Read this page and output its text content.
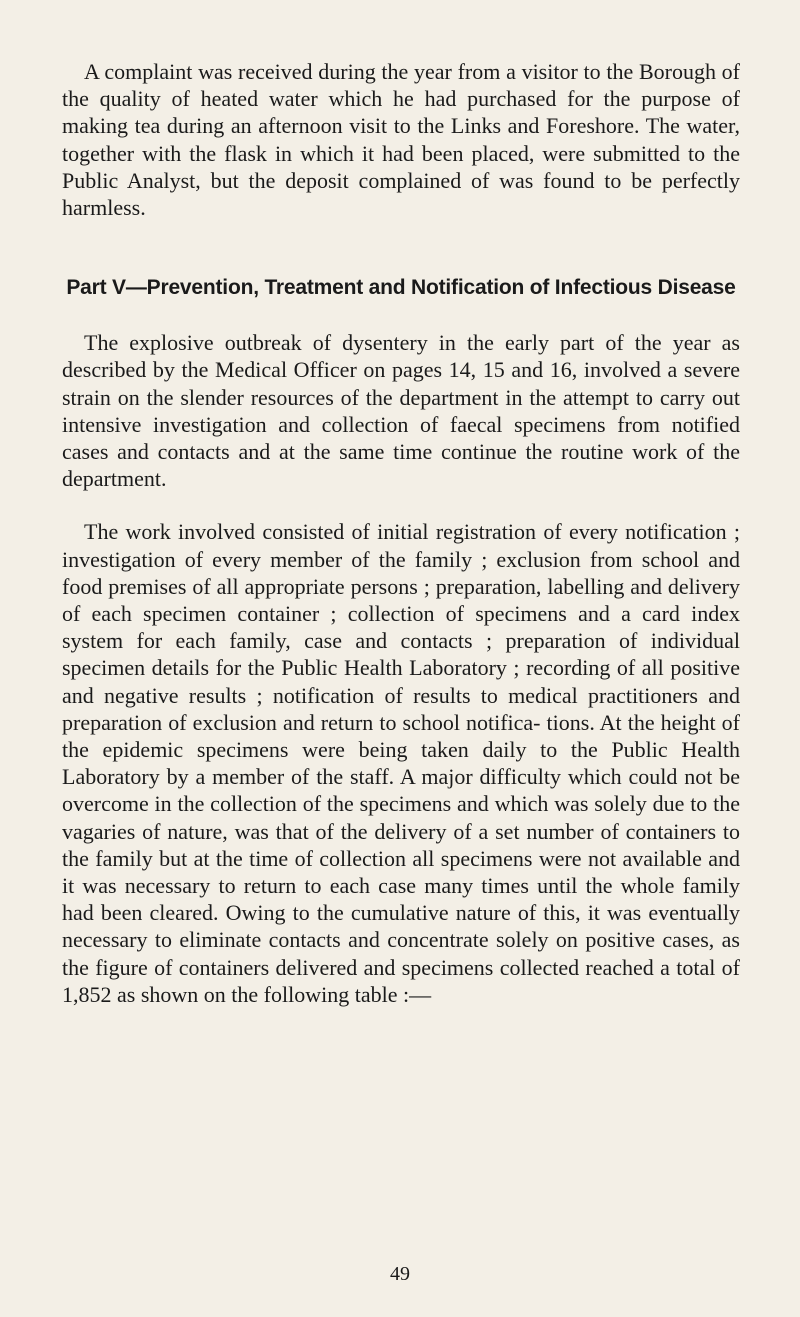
A complaint was received during the year from a visitor to the Borough of the quality of heated water which he had purchased for the purpose of making tea during an afternoon visit to the Links and Foreshore. The water, together with the flask in which it had been placed, were submitted to the Public Analyst, but the deposit complained of was found to be perfectly harmless.

Part V—Prevention, Treatment and Notification of Infectious Disease

The explosive outbreak of dysentery in the early part of the year as described by the Medical Officer on pages 14, 15 and 16, involved a severe strain on the slender resources of the department in the attempt to carry out intensive investigation and collection of faecal specimens from notified cases and contacts and at the same time continue the routine work of the department.

The work involved consisted of initial registration of every notification ; investigation of every member of the family ; exclusion from school and food premises of all appropriate persons ; preparation, labelling and delivery of each specimen container ; collection of specimens and a card index system for each family, case and contacts ; preparation of individual specimen details for the Public Health Laboratory ; recording of all positive and negative results ; notification of results to medical practitioners and preparation of exclusion and return to school notifica- tions. At the height of the epidemic specimens were being taken daily to the Public Health Laboratory by a member of the staff. A major difficulty which could not be overcome in the collection of the specimens and which was solely due to the vagaries of nature, was that of the delivery of a set number of containers to the family but at the time of collection all specimens were not available and it was necessary to return to each case many times until the whole family had been cleared. Owing to the cumulative nature of this, it was eventually necessary to eliminate contacts and concentrate solely on positive cases, as the figure of containers delivered and specimens collected reached a total of 1,852 as shown on the following table :—

49
